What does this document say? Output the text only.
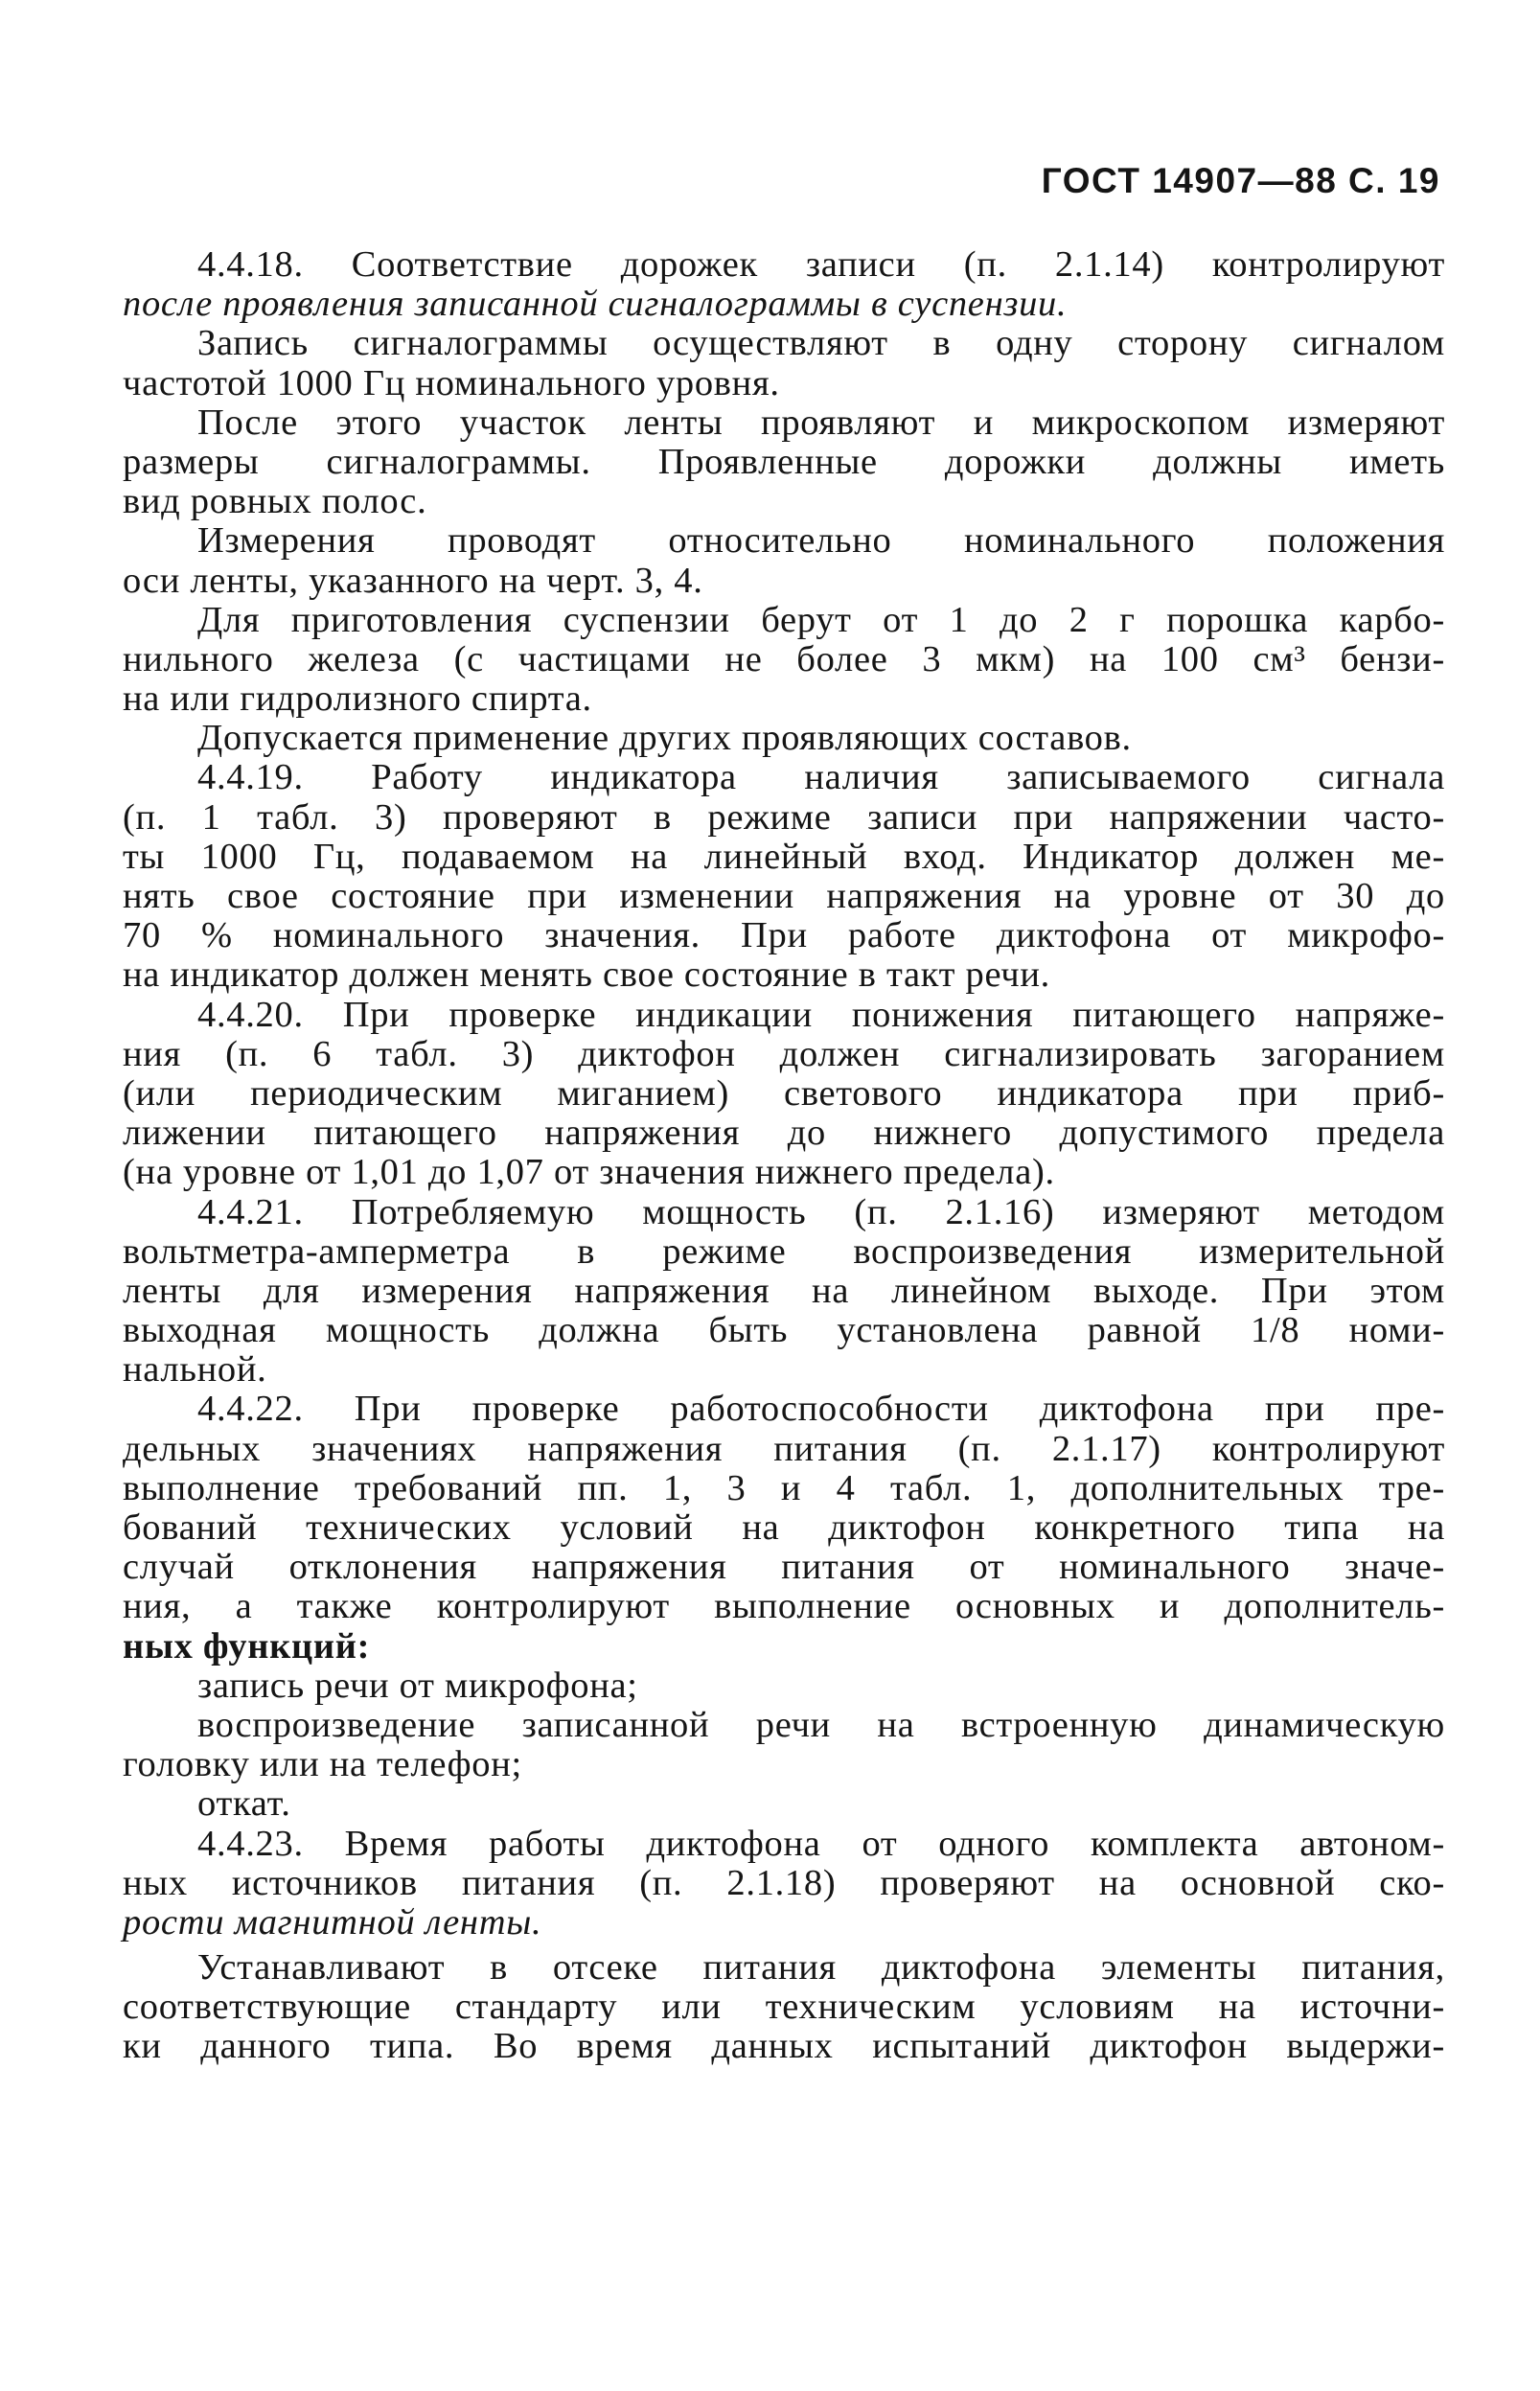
ГОСТ 14907—88 С. 19
4.4.18. Соответствие дорожек записи (п. 2.1.14) контролируют
после проявления записанной сигналограммы в суспензии.
Запись сигналограммы осуществляют в одну сторону сигналом
частотой 1000 Гц номинального уровня.
После этого участок ленты проявляют и микроскопом измеряют
размеры сигналограммы. Проявленные дорожки должны иметь
вид ровных полос.
Измерения проводят относительно номинального положения
оси ленты, указанного на черт. 3, 4.
Для приготовления суспензии берут от 1 до 2 г порошка карбо-
нильного железа (с частицами не более 3 мкм) на 100 см³ бензи-
на или гидролизного спирта.
Допускается применение других проявляющих составов.
4.4.19. Работу индикатора наличия записываемого сигнала
(п. 1 табл. 3) проверяют в режиме записи при напряжении часто-
ты 1000 Гц, подаваемом на линейный вход. Индикатор должен ме-
нять свое состояние при изменении напряжения на уровне от 30 до
70 % номинального значения. При работе диктофона от микрофо-
на индикатор должен менять свое состояние в такт речи.
4.4.20. При проверке индикации понижения питающего напряже-
ния (п. 6 табл. 3) диктофон должен сигнализировать загоранием
(или периодическим миганием) светового индикатора при приб-
лижении питающего напряжения до нижнего допустимого предела
(на уровне от 1,01 до 1,07 от значения нижнего предела).
4.4.21. Потребляемую мощность (п. 2.1.16) измеряют методом
вольтметра-амперметра в режиме воспроизведения измерительной
ленты для измерения напряжения на линейном выходе. При этом
выходная мощность должна быть установлена равной 1/8 номи-
нальной.
4.4.22. При проверке работоспособности диктофона при пре-
дельных значениях напряжения питания (п. 2.1.17) контролируют
выполнение требований пп. 1, 3 и 4 табл. 1, дополнительных тре-
бований технических условий на диктофон конкретного типа на
случай отклонения напряжения питания от номинального значе-
ния, а также контролируют выполнение основных и дополнитель-
ных функций:
запись речи от микрофона;
воспроизведение записанной речи на встроенную динамическую
головку или на телефон;
откат.
4.4.23. Время работы диктофона от одного комплекта автоном-
ных источников питания (п. 2.1.18) проверяют на основной ско-
рости магнитной ленты.
Устанавливают в отсеке питания диктофона элементы питания,
соответствующие стандарту или техническим условиям на источни-
ки данного типа. Во время данных испытаний диктофон выдержи-
